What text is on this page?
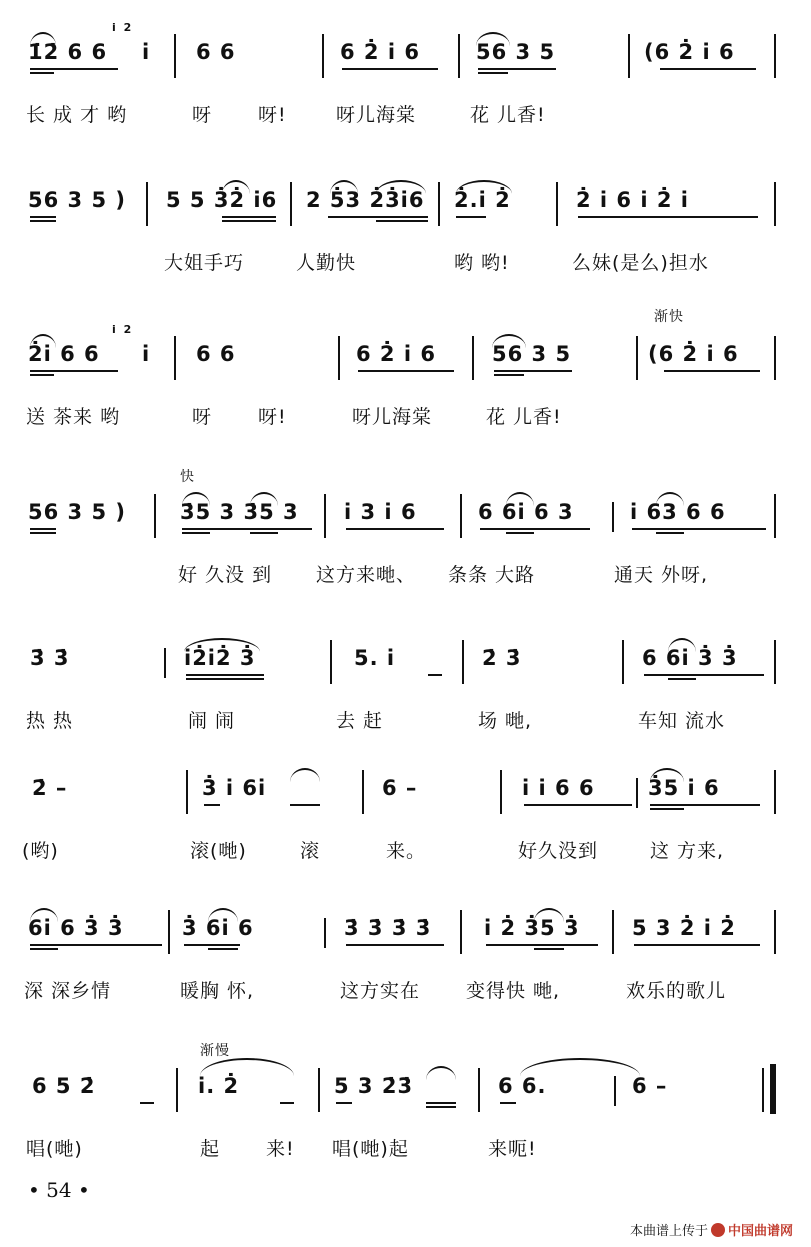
i 2
1̇2̇ 6 6 i 6 6	6 2̇ i 6	56 3 5	(6 2̇ i 6
长 成 才 哟	呀 呀!	呀儿海棠	花 儿香!
56 3 5 ) 5 5 3̇2̇ i6 2 5̇3 2̇3̇i6 2̇.i 2̇	2̇ i 6 i 2̇ i
大姐手巧	人勤快	哟 哟!	么妹(是么)担水
渐快
i 2
2̇i 6 6 i 6 6	6 2̇ i 6	56 3 5	(6 2̇ i 6
送 茶来 哟	呀 呀!	呀儿海棠	花 儿香!
快
56 3 5 )	3̇5 3 3̇5 3 i 3 i 6	6 6i 6 3	i 63 6 6
好 久没 到 这方来哋、 条条 大路	通天 外呀,
3̇ 3̇	i2̇i2̇ 3̇	5. i	2̇ 3̇	6 6i 3̇ 3̇
热 热	闹 闹	去 赶	场 哋,	车知 流水
2̇ –	3̇ i 6i	6 –	i i 6 6	3̇5 i 6
(哟)	滚(哋)	滚	来。	好久没到	这 方来,
6i 6 3̇ 3̇	3̇ 6i 6	3̇ 3̇ 3̇ 3̇	i 2̇ 3̇5 3̇ 5 3 2̇ i 2̇
深 深乡情	暖胸 怀,	这方实在 变得快 哋,	欢乐的歌儿
渐慢
6 5 2̇	i. 2̇	5 3 2̇3̇	6 6.	6 –
唱(哋)	起 来! 唱(哋)起	来呃!
• 54 •
本曲谱上传于 中国曲谱网
